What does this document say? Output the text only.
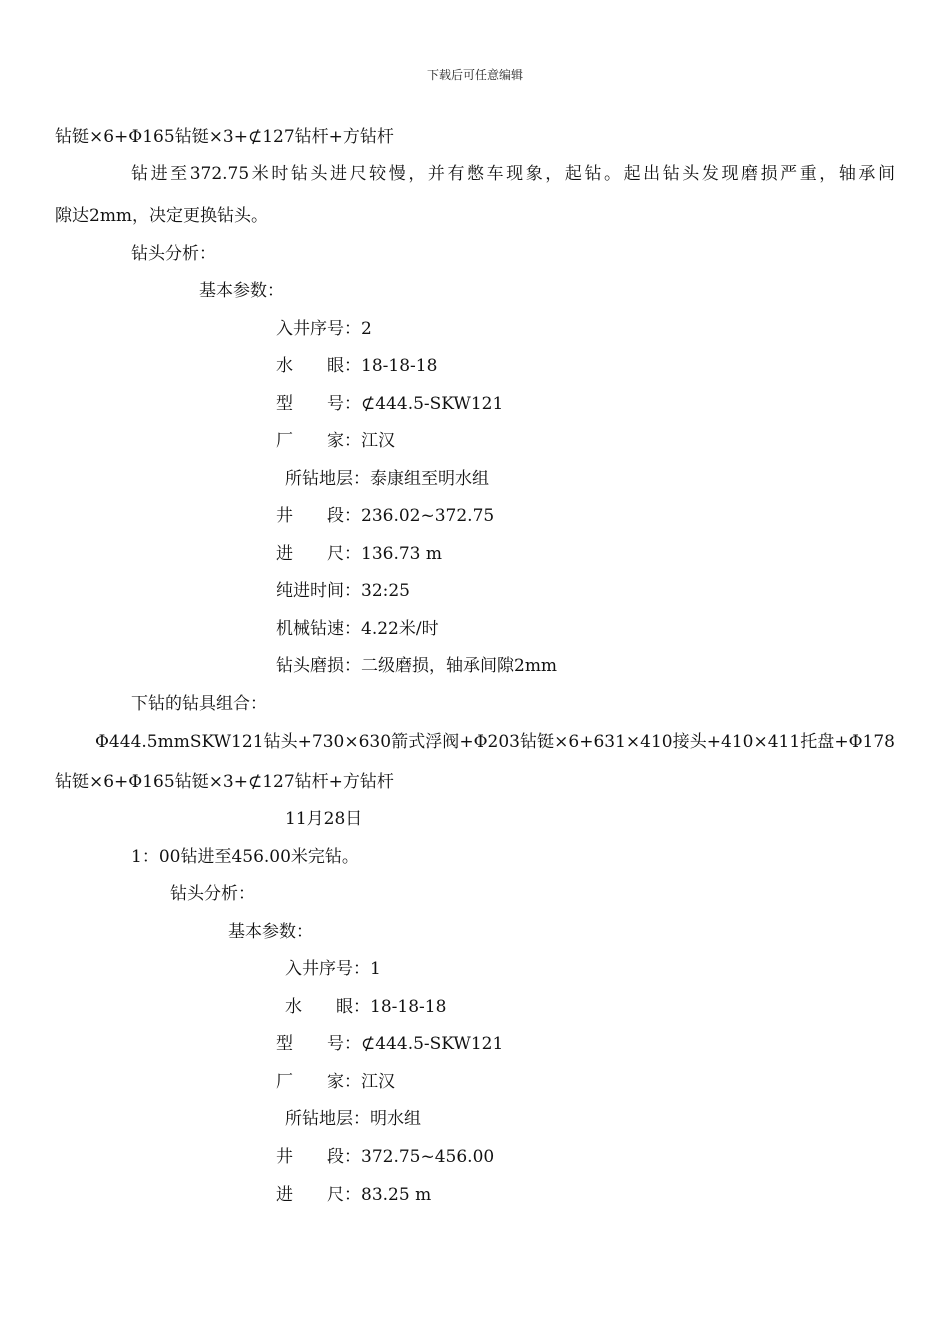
下载后可任意编辑
钻铤×6+Φ165钻铤×3+⊄127钻杆+方钻杆
钻进至372.75米时钻头进尺较慢，并有憋车现象，起钻。起出钻头发现磨损严重，轴承间
隙达2mm，决定更换钻头。
钻头分析：
基本参数：
入井序号：2
水　　眼：18-18-18
型　　号：⊄444.5-SKW121
厂　　家：江汉
所钻地层：泰康组至明水组
井　　段：236.02~372.75
进　　尺：136.73 m
纯进时间：32:25
机械钻速：4.22米/时
钻头磨损：二级磨损，轴承间隙2mm
下钻的钻具组合：
Φ444.5mmSKW121钻头+730×630箭式浮阀+Φ203钻铤×6+631×410接头+410×411托盘+Φ178
钻铤×6+Φ165钻铤×3+⊄127钻杆+方钻杆
11月28日
1：00钻进至456.00米完钻。
钻头分析：
基本参数：
入井序号：1
水　　眼：18-18-18
型　　号：⊄444.5-SKW121
厂　　家：江汉
所钻地层：明水组
井　　段：372.75~456.00
进　　尺：83.25 m
